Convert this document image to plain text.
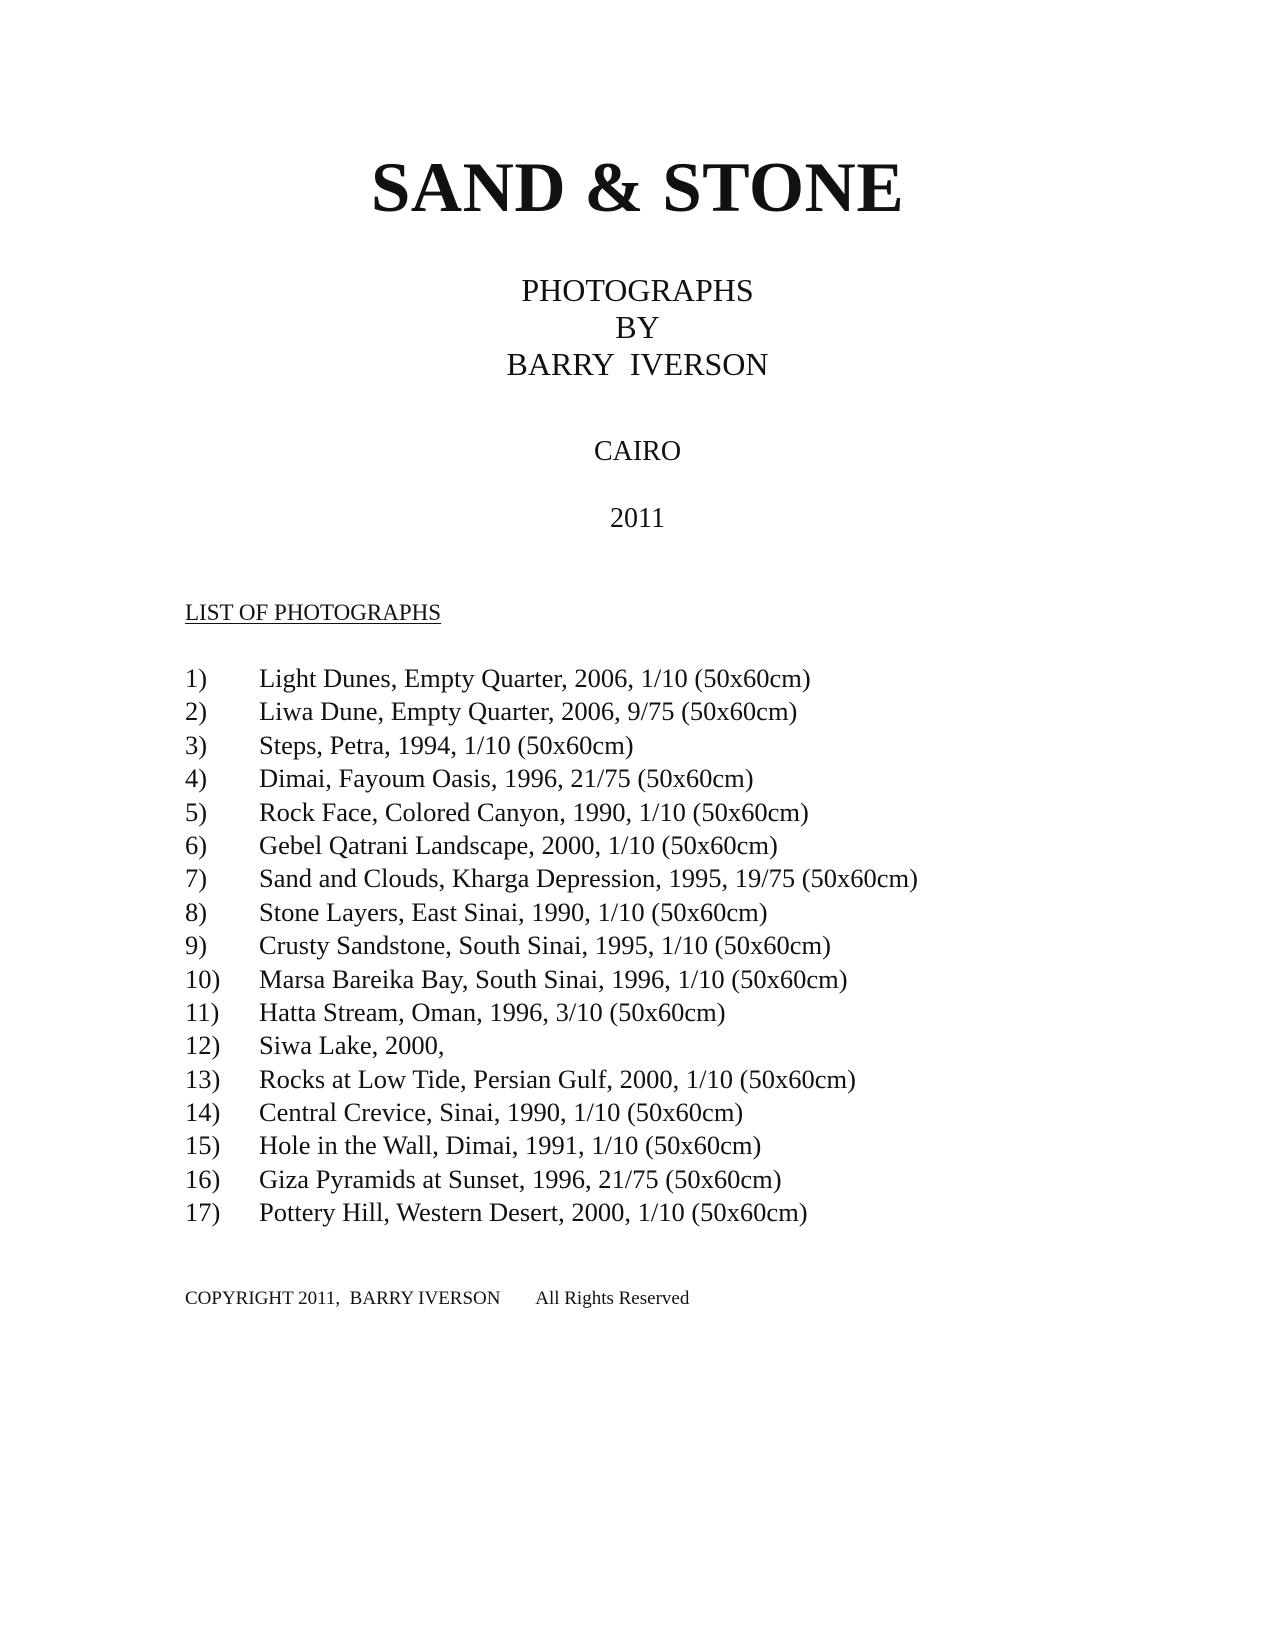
SAND & STONE
PHOTOGRAPHS
BY
BARRY  IVERSON
CAIRO
2011
LIST OF PHOTOGRAPHS
1) Light Dunes, Empty Quarter, 2006, 1/10 (50x60cm)
2) Liwa Dune, Empty Quarter, 2006, 9/75 (50x60cm)
3) Steps, Petra, 1994, 1/10 (50x60cm)
4) Dimai, Fayoum Oasis, 1996, 21/75 (50x60cm)
5) Rock Face, Colored Canyon, 1990, 1/10 (50x60cm)
6) Gebel Qatrani Landscape, 2000, 1/10 (50x60cm)
7) Sand and Clouds, Kharga Depression, 1995, 19/75 (50x60cm)
8) Stone Layers, East Sinai, 1990, 1/10 (50x60cm)
9) Crusty Sandstone, South Sinai, 1995, 1/10 (50x60cm)
10) Marsa Bareika Bay, South Sinai, 1996, 1/10 (50x60cm)
11) Hatta Stream, Oman, 1996, 3/10 (50x60cm)
12) Siwa Lake, 2000,
13) Rocks at Low Tide, Persian Gulf, 2000, 1/10 (50x60cm)
14) Central Crevice, Sinai, 1990, 1/10 (50x60cm)
15) Hole in the Wall, Dimai, 1991, 1/10 (50x60cm)
16) Giza Pyramids at Sunset, 1996, 21/75 (50x60cm)
17) Pottery Hill, Western Desert, 2000, 1/10 (50x60cm)
COPYRIGHT 2011,  BARRY IVERSON All Rights Reserved
